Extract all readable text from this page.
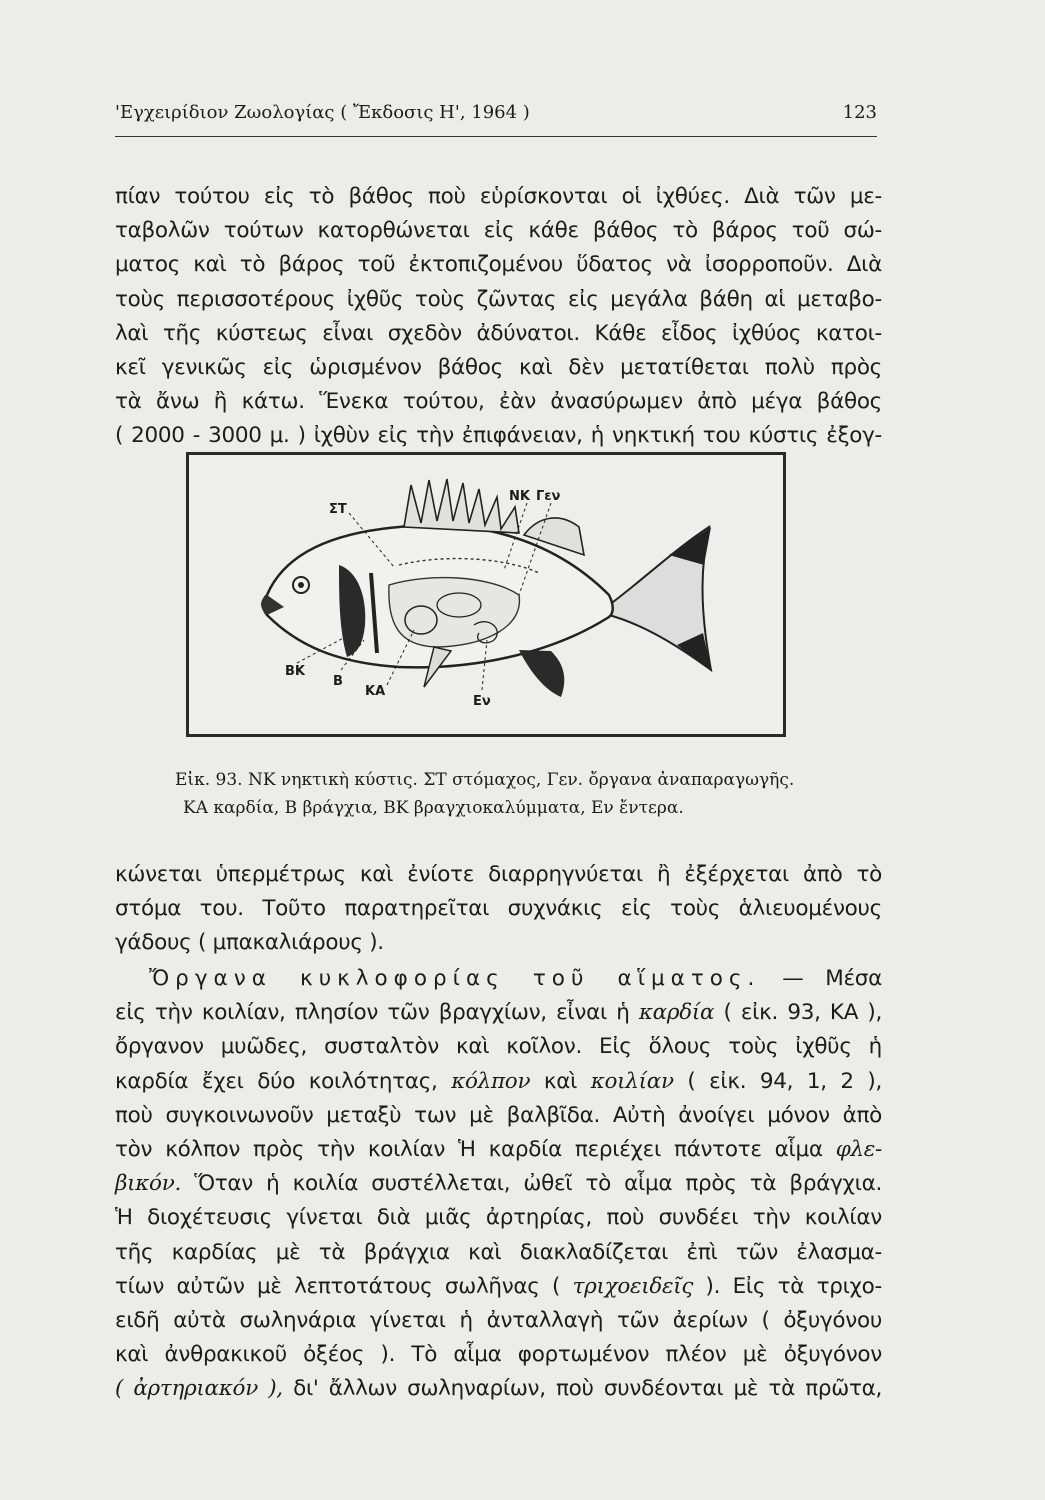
'Εγχειρίδιον Ζωολογίας ( Ἔκδοσις Η', 1964 )	123
πίαν τούτου εἰς τὸ βάθος ποὺ εὑρίσκονται οἱ ἰχθύες. Διὰ τῶν με-
ταβολῶν τούτων κατορθώνεται εἰς κάθε βάθος τὸ βάρος τοῦ σώ-
ματος καὶ τὸ βάρος τοῦ ἐκτοπιζομένου ὕδατος νὰ ἰσορροποῦν. Διὰ
τοὺς περισσοτέρους ἰχθῦς τοὺς ζῶντας εἰς μεγάλα βάθη αἱ μεταβο-
λαὶ τῆς κύστεως εἶναι σχεδὸν ἀδύνατοι. Κάθε εἶδος ἰχθύος κατοι-
κεῖ γενικῶς εἰς ὡρισμένον βάθος καὶ δὲν μετατίθεται πολὺ πρὸς
τὰ ἄνω ἢ κάτω. Ἕνεκα τούτου, ἐὰν ἀνασύρωμεν ἀπὸ μέγα βάθος
( 2000 - 3000 μ. ) ἰχθὺν εἰς τὴν ἐπιφάνειαν, ἡ νηκτική του κύστις ἐξογ-
ΣΤ
ΝΚ Γεν
ΒΚ
Β
ΚΑ
Εν
Εἰκ. 93. ΝΚ νηκτικὴ κύστις. ΣΤ στόμαχος, Γεν. ὄργανα ἀναπαραγωγῆς.
ΚΑ καρδία, Β βράγχια, ΒΚ βραγχιοκαλύμματα, Εν ἔντερα.
κώνεται ὑπερμέτρως καὶ ἐνίοτε διαρρηγνύεται ἢ ἐξέρχεται ἀπὸ τὸ
στόμα του. Τοῦτο παρατηρεῖται συχνάκις εἰς τοὺς ἁλιευομένους
γάδους ( μπακαλιάρους ).
Ὄργανα κυκλοφορίας τοῦ αἵματος. — Μέσα
εἰς τὴν κοιλίαν, πλησίον τῶν βραγχίων, εἶναι ἡ καρδία ( εἰκ. 93, ΚΑ ),
ὄργανον μυῶδες, συσταλτὸν καὶ κοῖλον. Εἰς ὅλους τοὺς ἰχθῦς ἡ
καρδία ἔχει δύο κοιλότητας, κόλπον καὶ κοιλίαν ( εἰκ. 94, 1, 2 ),
ποὺ συγκοινωνοῦν μεταξὺ των μὲ βαλβῖδα. Αὐτὴ ἀνοίγει μόνον ἀπὸ
τὸν κόλπον πρὸς τὴν κοιλίαν Ἡ καρδία περιέχει πάντοτε αἷμα φλε-
βικόν. Ὅταν ἡ κοιλία συστέλλεται, ὠθεῖ τὸ αἷμα πρὸς τὰ βράγχια.
Ἡ διοχέτευσις γίνεται διὰ μιᾶς ἀρτηρίας, ποὺ συνδέει τὴν κοιλίαν
τῆς καρδίας μὲ τὰ βράγχια καὶ διακλαδίζεται ἐπὶ τῶν ἐλασμα-
τίων αὐτῶν μὲ λεπτοτάτους σωλῆνας ( τριχοειδεῖς ). Εἰς τὰ τριχο-
ειδῆ αὐτὰ σωληνάρια γίνεται ἡ ἀνταλλαγὴ τῶν ἀερίων ( ὀξυγόνου
καὶ ἀνθρακικοῦ ὀξέος ). Τὸ αἷμα φορτωμένον πλέον μὲ ὀξυγόνον
( ἀρτηριακόν ), δι' ἄλλων σωληναρίων, ποὺ συνδέονται μὲ τὰ πρῶτα,
